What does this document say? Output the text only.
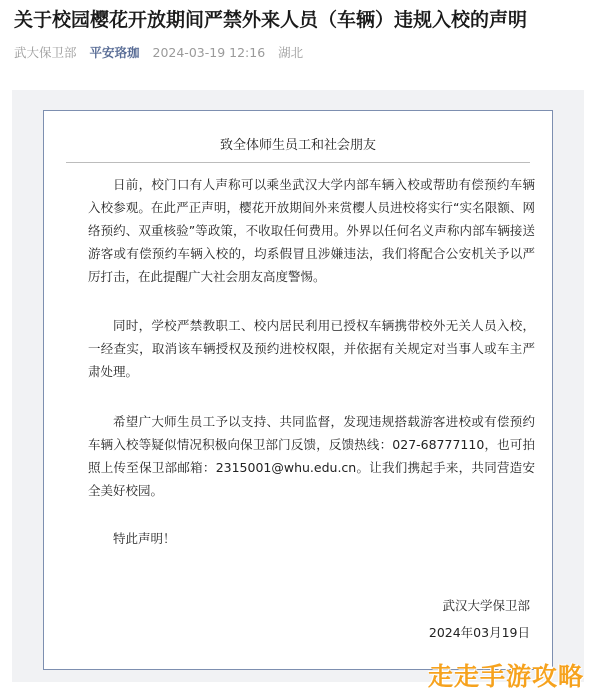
关于校园樱花开放期间严禁外来人员（车辆）违规入校的声明
武大保卫部 平安珞珈 2024-03-19 12:16 湖北
致全体师生员工和社会朋友

日前，校门口有人声称可以乘坐武汉大学内部车辆入校或帮助有偿预约车辆入校参观。在此严正声明，樱花开放期间外来赏樱人员进校将实行“实名限额、网络预约、双重核验”等政策，不收取任何费用。外界以任何名义声称内部车辆接送游客或有偿预约车辆入校的，均系假冒且涉嫌违法，我们将配合公安机关予以严厉打击，在此提醒广大社会朋友高度警惕。

同时，学校严禁教职工、校内居民利用已授权车辆携带校外无关人员入校，一经查实，取消该车辆授权及预约进校权限，并依据有关规定对当事人或车主严肃处理。

希望广大师生员工予以支持、共同监督，发现违规搭载游客进校或有偿预约车辆入校等疑似情况积极向保卫部门反馈，反馈热线：027-68777110，也可拍照上传至保卫部邮箱：2315001@whu.edu.cn。让我们携起手来，共同营造安全美好校园。

特此声明！

武汉大学保卫部
2024年03月19日
走走手游攻略
